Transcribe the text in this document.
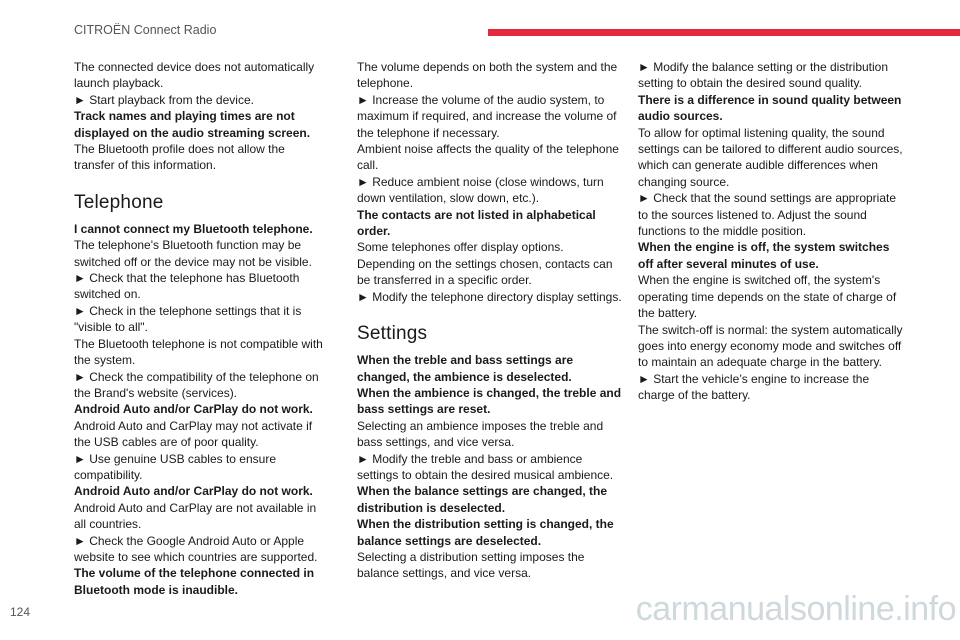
CITROËN Connect Radio

The connected device does not automatically launch playback.

► Start playback from the device.

Track names and playing times are not displayed on the audio streaming screen.

The Bluetooth profile does not allow the transfer of this information.

Telephone

I cannot connect my Bluetooth telephone.

The telephone's Bluetooth function may be switched off or the device may not be visible.

► Check that the telephone has Bluetooth switched on.

► Check in the telephone settings that it is "visible to all".

The Bluetooth telephone is not compatible with the system.

► Check the compatibility of the telephone on the Brand's website (services).

Android Auto and/or CarPlay do not work.

Android Auto and CarPlay may not activate if the USB cables are of poor quality.

► Use genuine USB cables to ensure compatibility.

Android Auto and/or CarPlay do not work.

Android Auto and CarPlay are not available in all countries.

► Check the Google Android Auto or Apple website to see which countries are supported.

The volume of the telephone connected in Bluetooth mode is inaudible.

The volume depends on both the system and the telephone.

► Increase the volume of the audio system, to maximum if required, and increase the volume of the telephone if necessary.

Ambient noise affects the quality of the telephone call.

► Reduce ambient noise (close windows, turn down ventilation, slow down, etc.).

The contacts are not listed in alphabetical order.

Some telephones offer display options. Depending on the settings chosen, contacts can be transferred in a specific order.

► Modify the telephone directory display settings.

Settings

When the treble and bass settings are changed, the ambience is deselected.

When the ambience is changed, the treble and bass settings are reset.

Selecting an ambience imposes the treble and bass settings, and vice versa.

► Modify the treble and bass or ambience settings to obtain the desired musical ambience.

When the balance settings are changed, the distribution is deselected.

When the distribution setting is changed, the balance settings are deselected.

Selecting a distribution setting imposes the balance settings, and vice versa.

► Modify the balance setting or the distribution setting to obtain the desired sound quality.

There is a difference in sound quality between audio sources.

To allow for optimal listening quality, the sound settings can be tailored to different audio sources, which can generate audible differences when changing source.

► Check that the sound settings are appropriate to the sources listened to. Adjust the sound functions to the middle position.

When the engine is off, the system switches off after several minutes of use.

When the engine is switched off, the system's operating time depends on the state of charge of the battery.

The switch-off is normal: the system automatically goes into energy economy mode and switches off to maintain an adequate charge in the battery.

► Start the vehicle’s engine to increase the charge of the battery.

124	carmanualsonline.info
